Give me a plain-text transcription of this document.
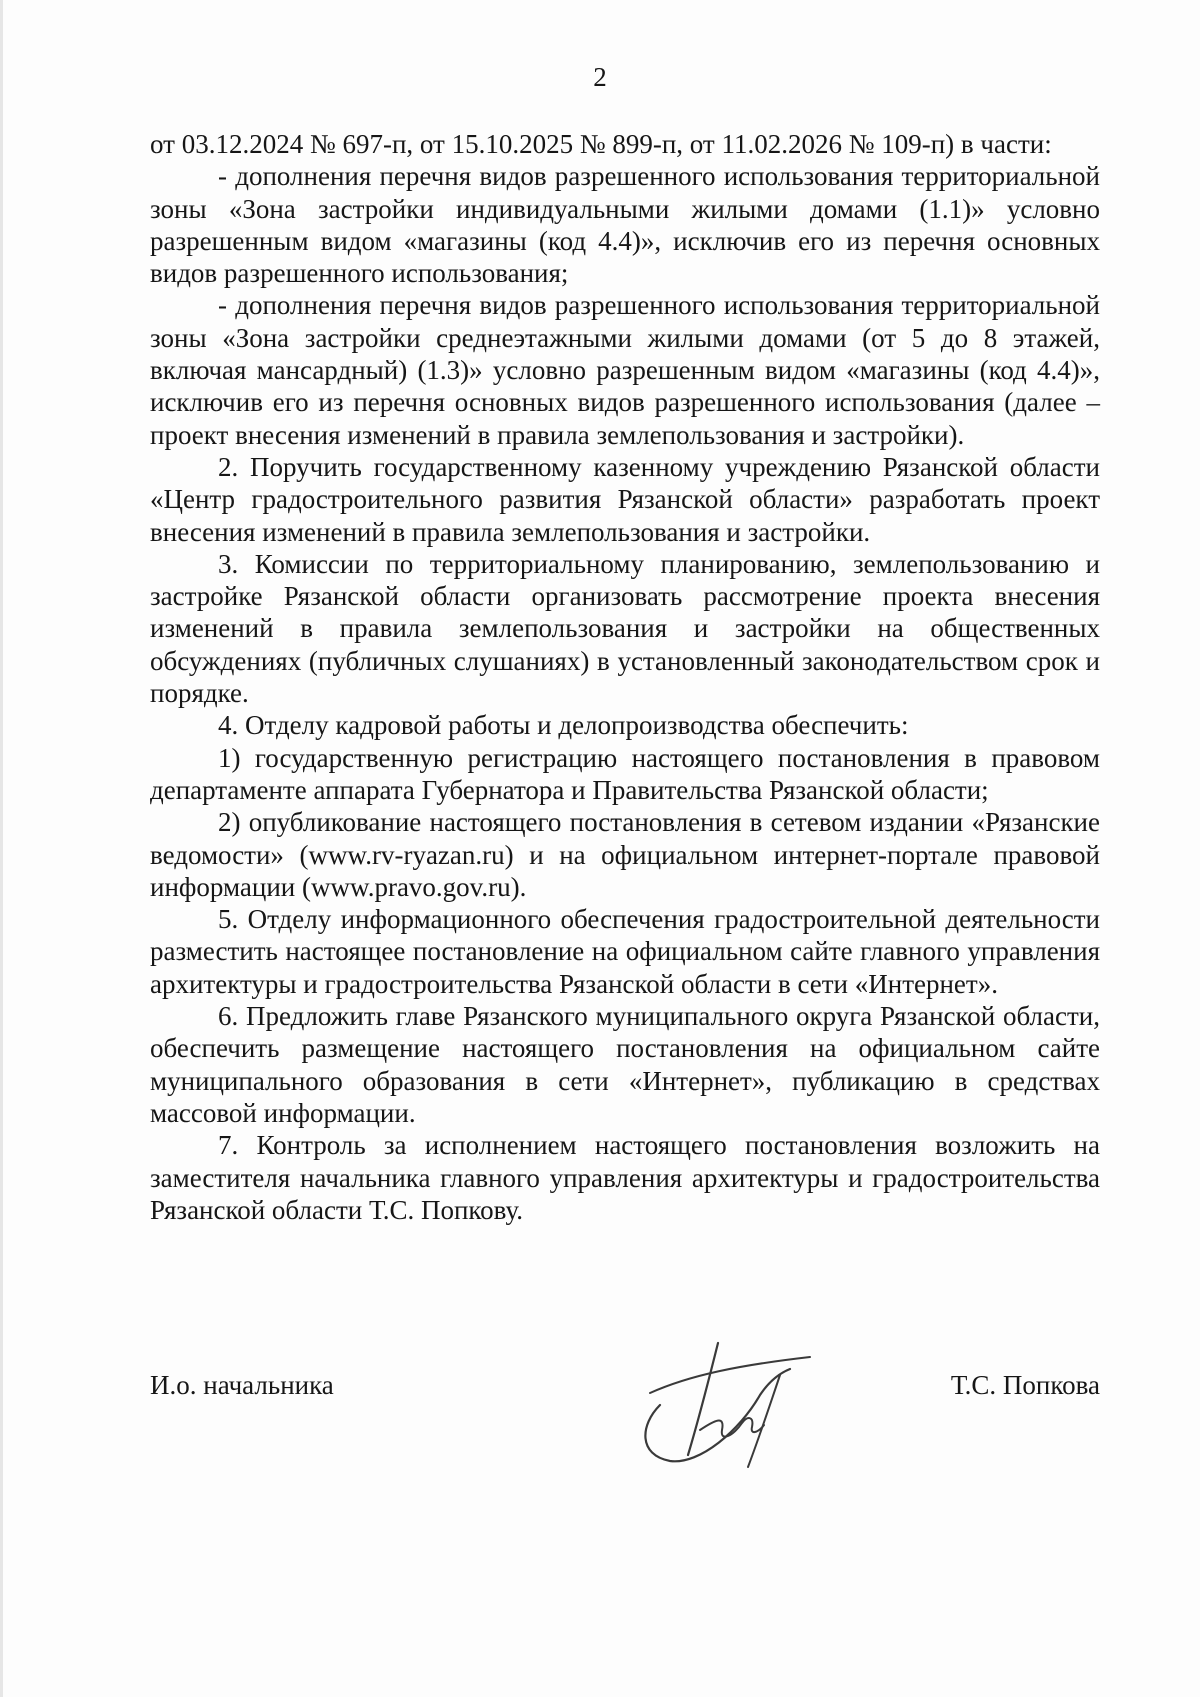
2

от 03.12.2024 № 697-п, от 15.10.2025 № 899-п, от 11.02.2026 № 109-п) в части:

- дополнения перечня видов разрешенного использования территориальной зоны «Зона застройки индивидуальными жилыми домами (1.1)» условно разрешенным видом «магазины (код 4.4)», исключив его из перечня основных видов разрешенного использования;

- дополнения перечня видов разрешенного использования территориальной зоны «Зона застройки среднеэтажными жилыми домами (от 5 до 8 этажей, включая мансардный) (1.3)» условно разрешенным видом «магазины (код 4.4)», исключив его из перечня основных видов разрешенного использования (далее – проект внесения изменений в правила землепользования и застройки).

2. Поручить государственному казенному учреждению Рязанской области «Центр градостроительного развития Рязанской области» разработать проект внесения изменений в правила землепользования и застройки.

3. Комиссии по территориальному планированию, землепользованию и застройке Рязанской области организовать рассмотрение проекта внесения изменений в правила землепользования и застройки на общественных обсуждениях (публичных слушаниях) в установленный законодательством срок и порядке.

4. Отделу кадровой работы и делопроизводства обеспечить:

1) государственную регистрацию настоящего постановления в правовом департаменте аппарата Губернатора и Правительства Рязанской области;

2) опубликование настоящего постановления в сетевом издании «Рязанские ведомости» (www.rv-ryazan.ru) и на официальном интернет-портале правовой информации (www.pravo.gov.ru).

5. Отделу информационного обеспечения градостроительной деятельности разместить настоящее постановление на официальном сайте главного управления архитектуры и градостроительства Рязанской области в сети «Интернет».

6. Предложить главе Рязанского муниципального округа Рязанской области, обеспечить размещение настоящего постановления на официальном сайте муниципального образования в сети «Интернет», публикацию в средствах массовой информации.

7. Контроль за исполнением настоящего постановления возложить на заместителя начальника главного управления архитектуры и градостроительства Рязанской области Т.С. Попкову.

И.о. начальника	Т.С. Попкова
